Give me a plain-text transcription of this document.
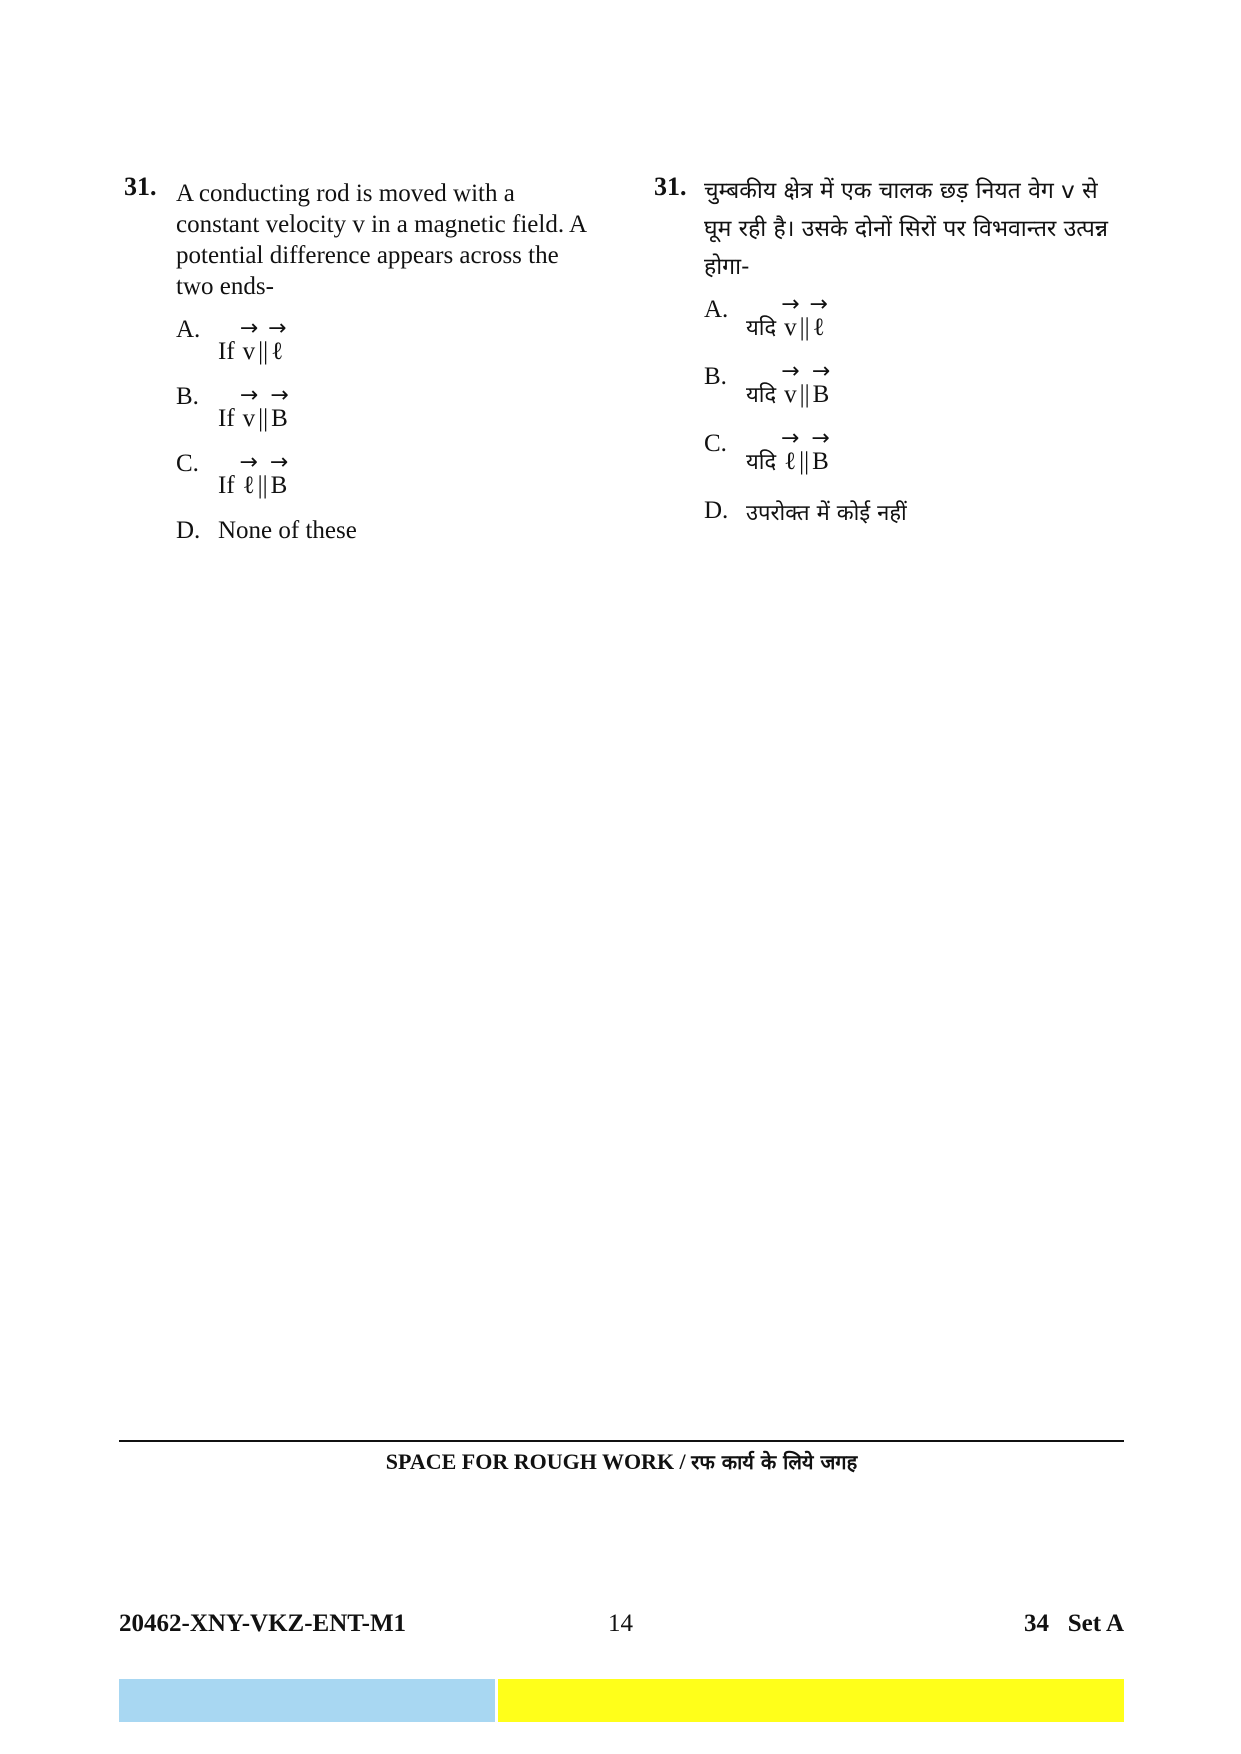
31. A conducting rod is moved with a constant velocity v in a magnetic field. A potential difference appears across the two ends-
A.
If → v || → ℓ
B.
If → v || → B
C.
If → ℓ || → B
D. None of these
31. चुम्बकीय क्षेत्र में एक चालक छड़ नियत वेग v से घूम रही है। उसके दोनों सिरों पर विभवान्तर उत्पन्न होगा-
A.
यदि → v || → ℓ
B.
यदि → v || → B
C.
यदि → ℓ || → B
D. उपरोक्त में कोई नहीं
SPACE FOR ROUGH WORK / रफ कार्य के लिये जगह
20462-XNY-VKZ-ENT-M1	14	34   Set A
